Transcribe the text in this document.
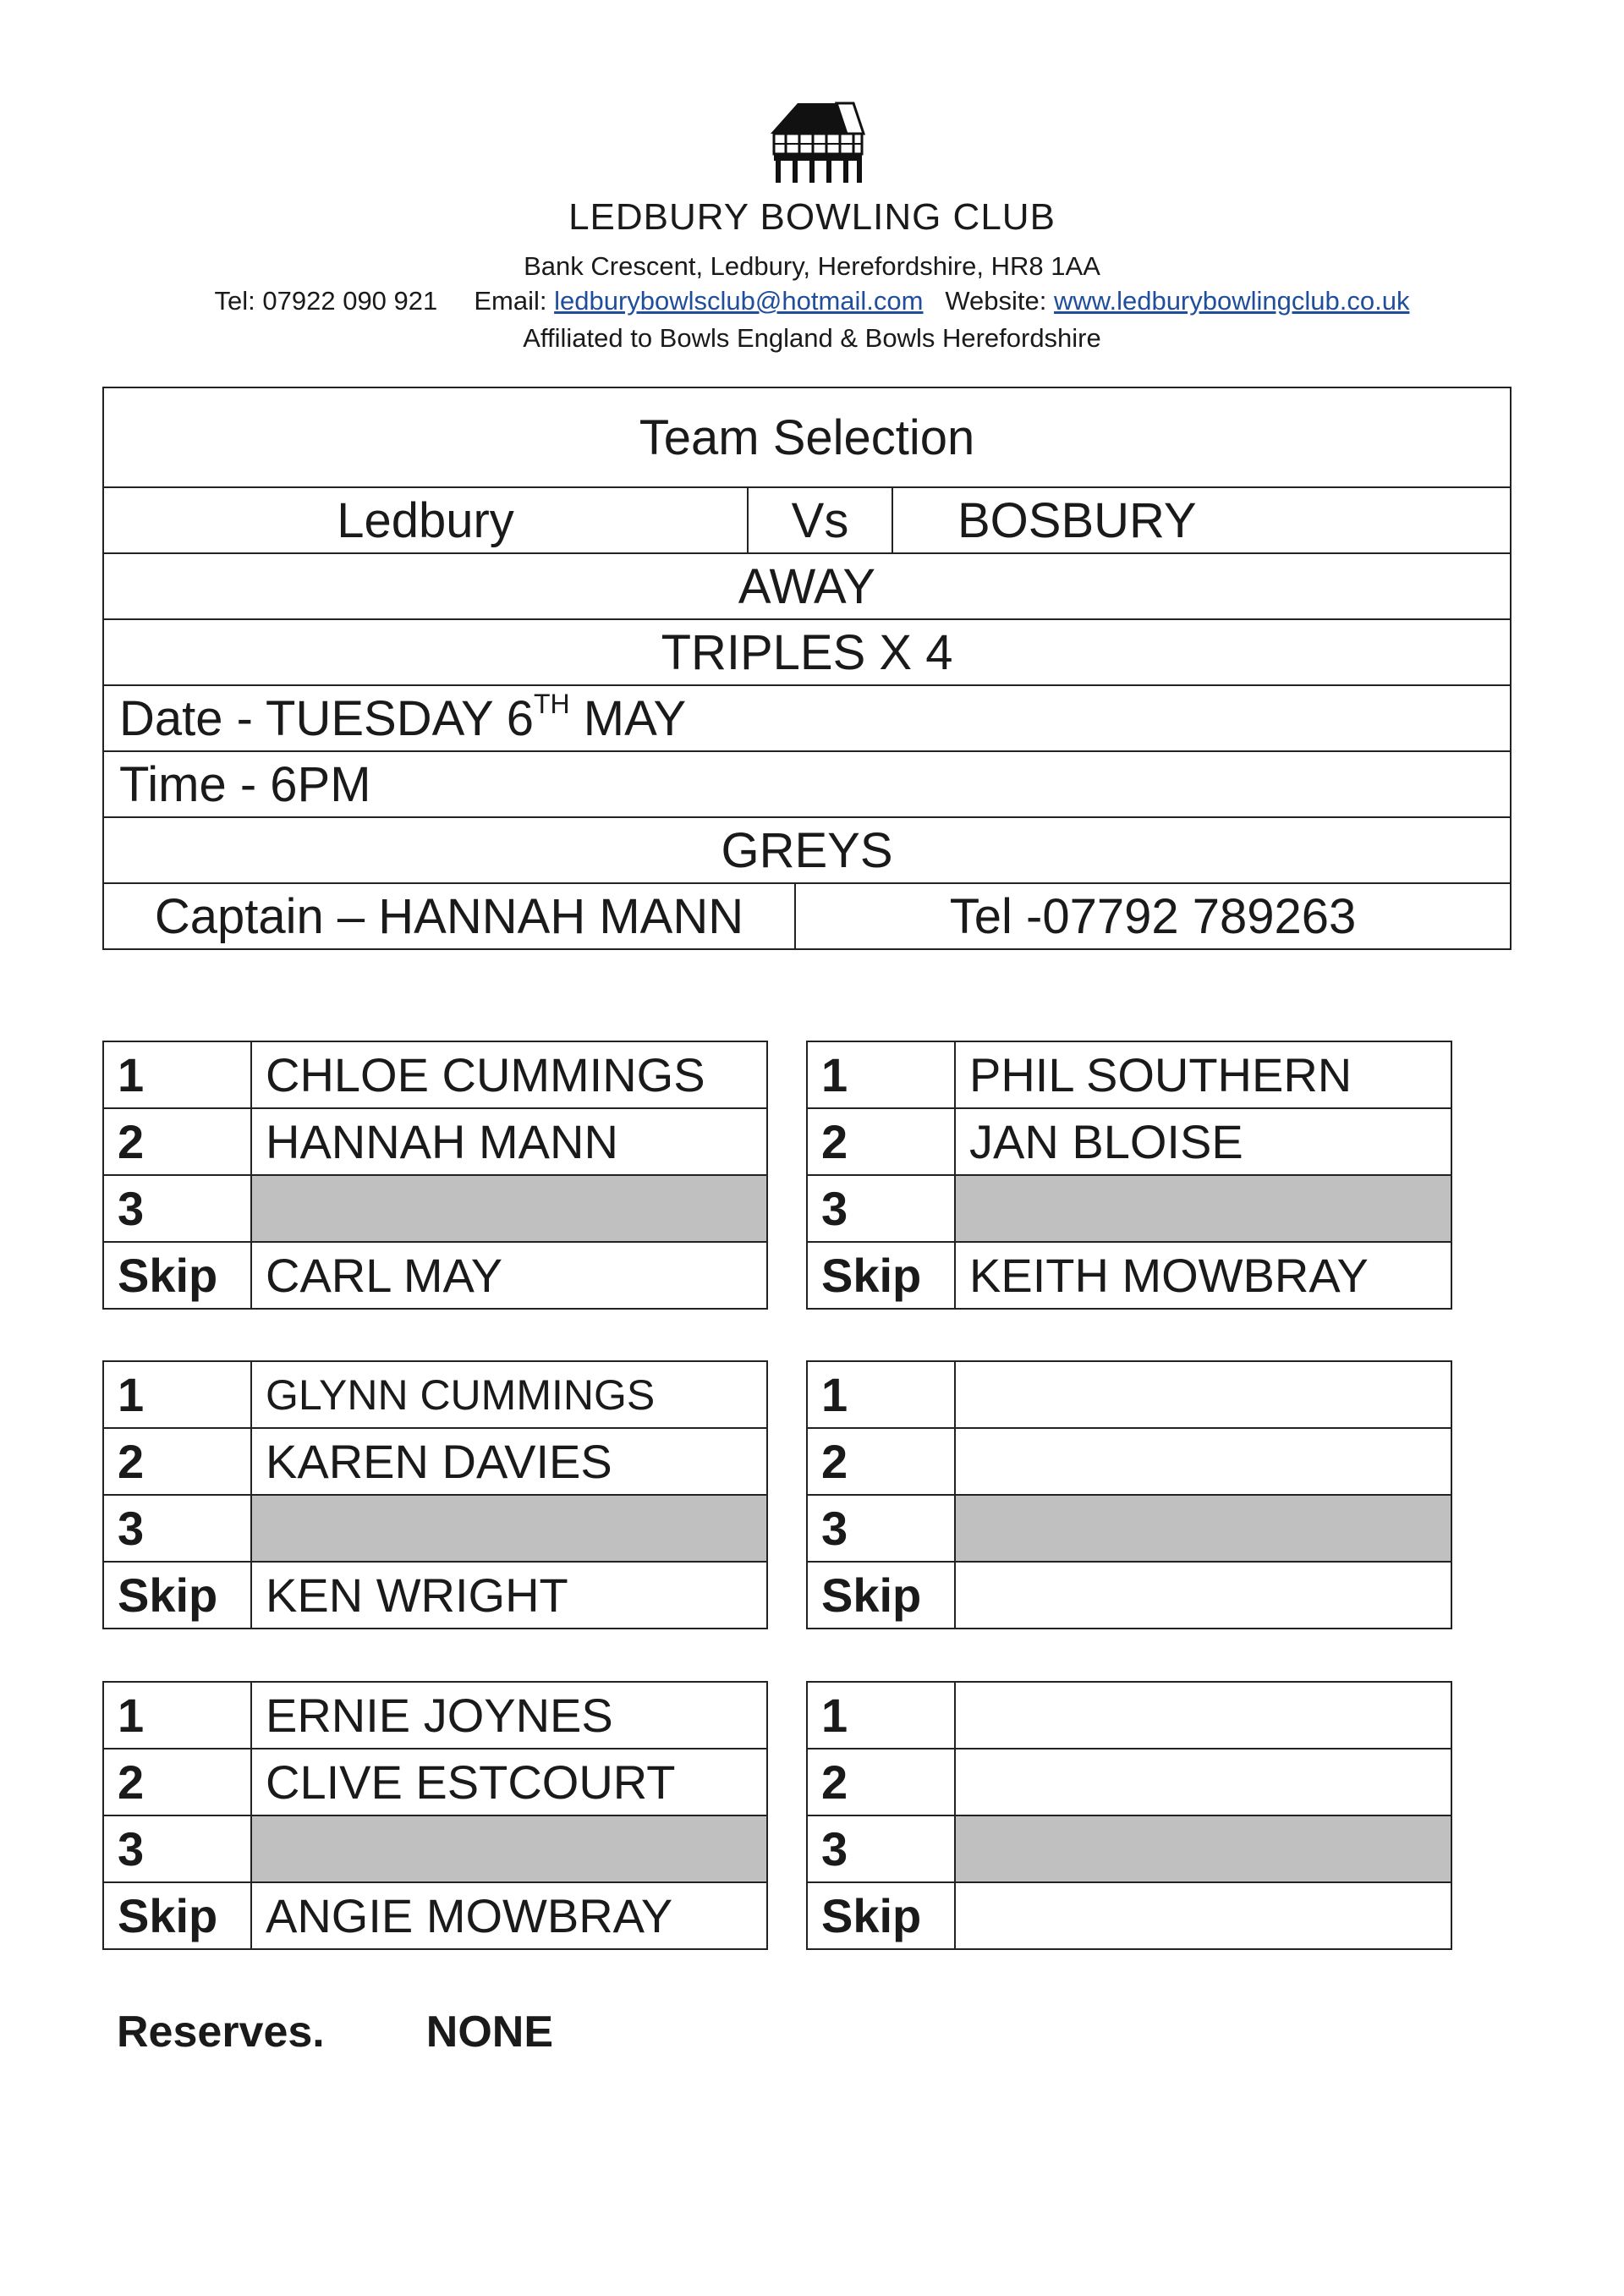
LEDBURY BOWLING CLUB
Bank Crescent, Ledbury, Herefordshire, HR8 1AA
Tel: 07922 090 921 Email: ledburybowlsclub@hotmail.com Website: www.ledburybowlingclub.co.uk
Affiliated to Bowls England & Bowls Herefordshire
Team Selection			
Ledbury	Vs		BOSBURY
AWAY			
TRIPLES X 4			
Date - TUESDAY 6TH MAY			
Time - 6PM			
GREYS			
Captain – HANNAH MANN		Tel -07792 789263	
1	CHLOE CUMMINGS
2	HANNAH MANN
3	
Skip	CARL MAY
1	PHIL SOUTHERN
2	JAN BLOISE
3	
Skip	KEITH MOWBRAY
1	GLYNN CUMMINGS
2	KAREN DAVIES
3	
Skip	KEN WRIGHT
1	
2	
3	
Skip	
1	ERNIE JOYNES
2	CLIVE ESTCOURT
3	
Skip	ANGIE MOWBRAY
1	
2	
3	
Skip	
Reserves. NONE
